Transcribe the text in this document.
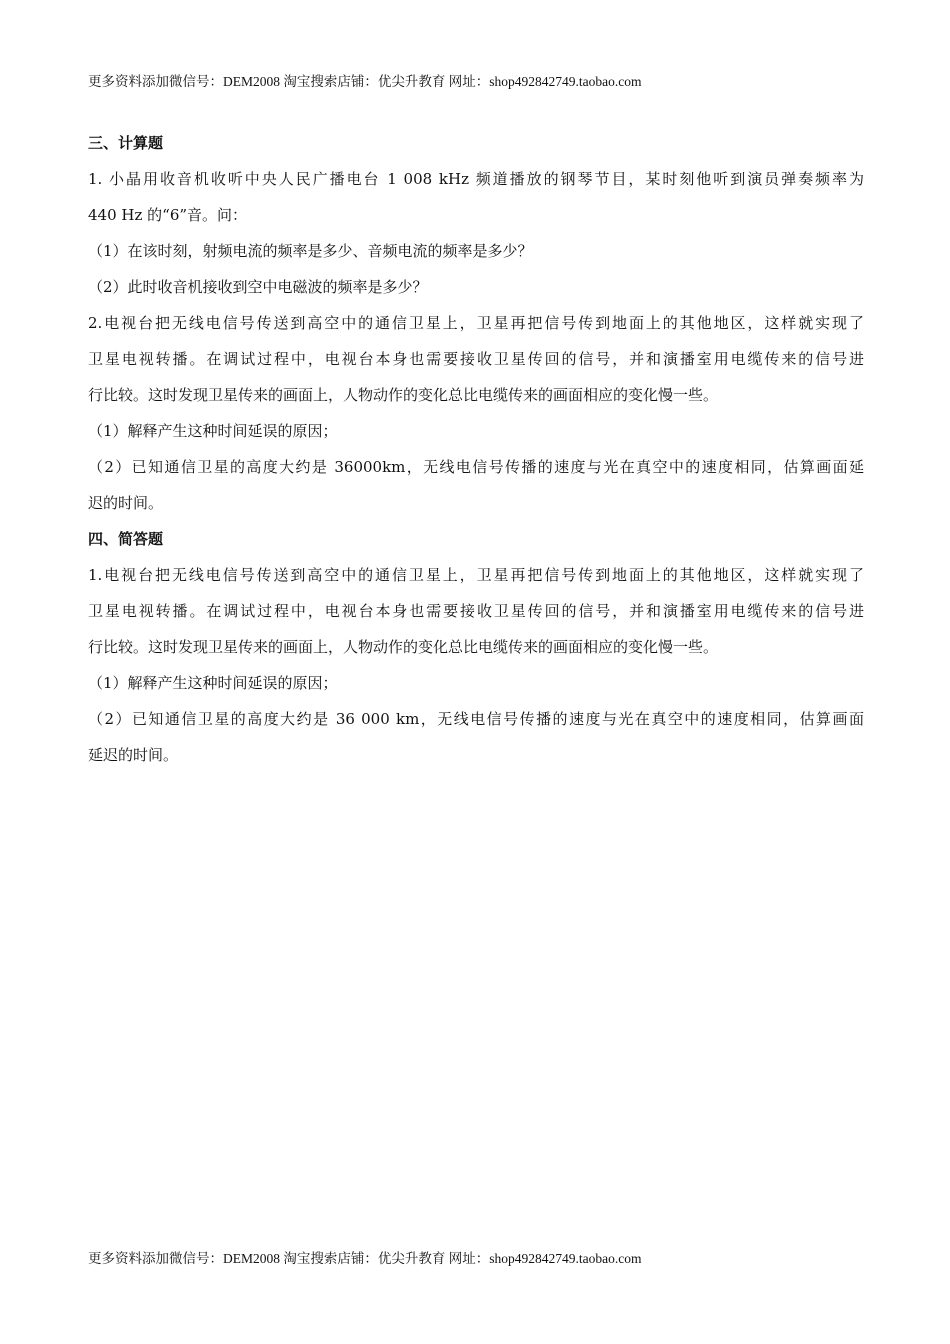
更多资料添加微信号：DEM2008 淘宝搜索店铺：优尖升教育 网址：shop492842749.taobao.com
三、计算题
1. 小晶用收音机收听中央人民广播电台 1 008 kHz 频道播放的钢琴节目，某时刻他听到演员弹奏频率为
440 Hz 的“6”音。问：
（1）在该时刻，射频电流的频率是多少、音频电流的频率是多少？
（2）此时收音机接收到空中电磁波的频率是多少？
2.电视台把无线电信号传送到高空中的通信卫星上，卫星再把信号传到地面上的其他地区，这样就实现了
卫星电视转播。在调试过程中，电视台本身也需要接收卫星传回的信号，并和演播室用电缆传来的信号进
行比较。这时发现卫星传来的画面上，人物动作的变化总比电缆传来的画面相应的变化慢一些。
（1）解释产生这种时间延误的原因；
（2）已知通信卫星的高度大约是 36000km，无线电信号传播的速度与光在真空中的速度相同，估算画面延
迟的时间。
四、简答题
1.电视台把无线电信号传送到高空中的通信卫星上，卫星再把信号传到地面上的其他地区，这样就实现了
卫星电视转播。在调试过程中，电视台本身也需要接收卫星传回的信号，并和演播室用电缆传来的信号进
行比较。这时发现卫星传来的画面上，人物动作的变化总比电缆传来的画面相应的变化慢一些。
（1）解释产生这种时间延误的原因；
（2）已知通信卫星的高度大约是 36 000 km，无线电信号传播的速度与光在真空中的速度相同，估算画面
延迟的时间。
更多资料添加微信号：DEM2008 淘宝搜索店铺：优尖升教育 网址：shop492842749.taobao.com
